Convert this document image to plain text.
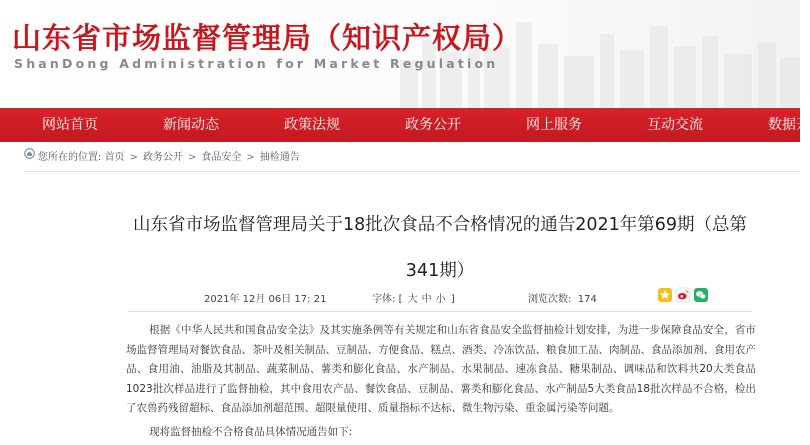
山东省市场监督管理局（知识产权局）
ShanDong Administration for Market Regulation
网站首页	新闻动态	政策法规	政务公开	网上服务	互动交流	数据开
您所在的位置: 首页 > 政务公开 > 食品安全 > 抽检通告
山东省市场监督管理局关于18批次食品不合格情况的通告2021年第69期（总第341期）
2021年 12月 06日 17: 21	字体: [ 大 中 小 ]	浏览次数: 174
根据《中华人民共和国食品安全法》及其实施条例等有关规定和山东省食品安全监督抽检计划安排，为进一步保障食品安全，省市场监督管理局对餐饮食品、茶叶及相关制品、豆制品、方便食品、糕点、酒类、冷冻饮品、粮食加工品、肉制品、食品添加剂、食用农产品、食用油、油脂及其制品、蔬菜制品、薯类和膨化食品、水产制品、水果制品、速冻食品、糖果制品、调味品和饮料共20大类食品1023批次样品进行了监督抽检，其中食用农产品、餐饮食品、豆制品、薯类和膨化食品、水产制品5大类食品18批次样品不合格，检出了农兽药残留超标、食品添加剂超范围、超限量使用、质量指标不达标、微生物污染、重金属污染等问题。
现将监督抽检不合格食品具体情况通告如下:
